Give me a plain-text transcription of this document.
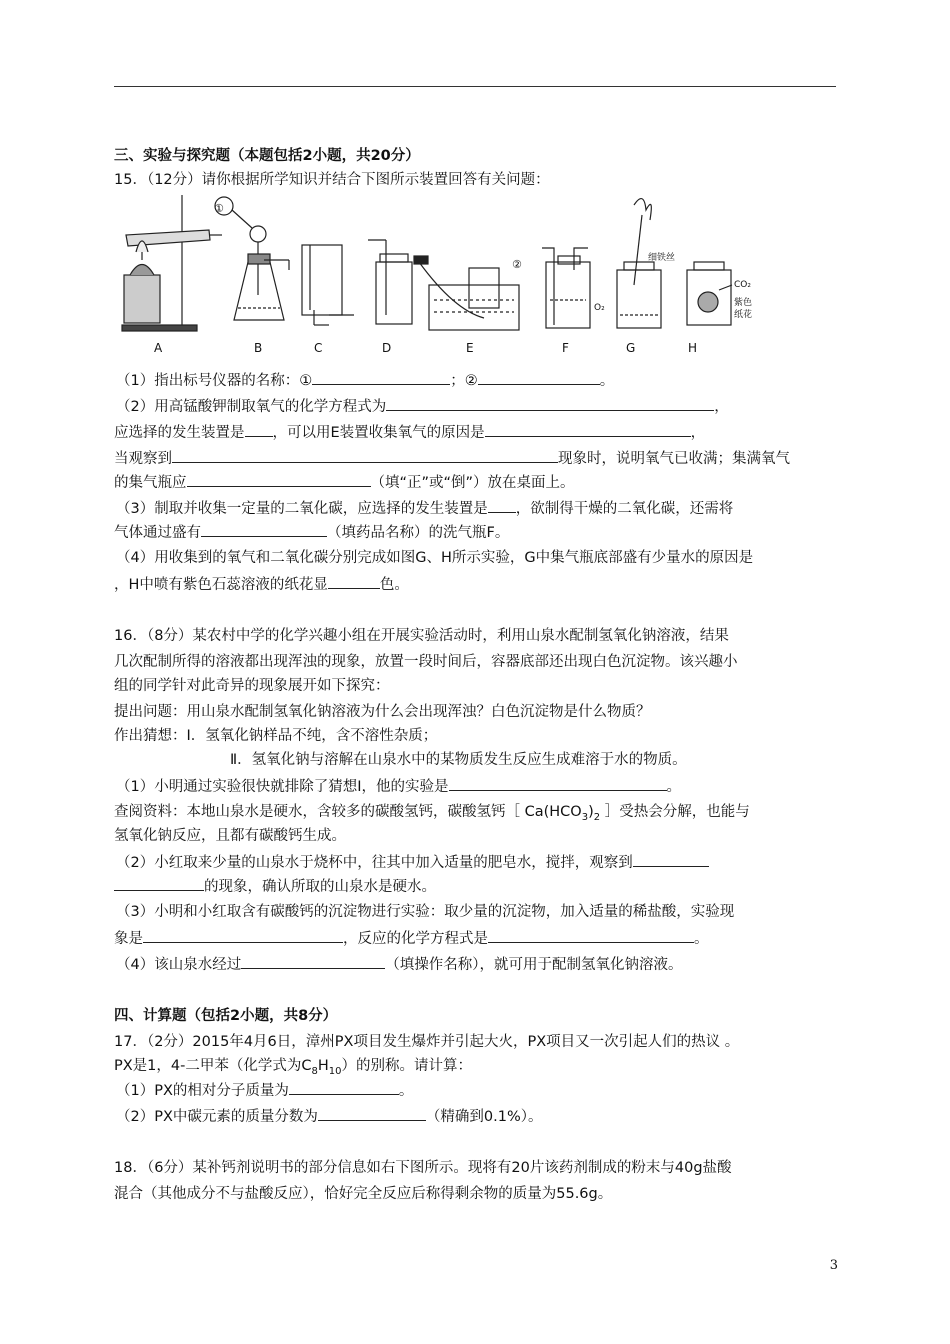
三、实验与探究题（本题包括2小题，共20分）
15．（12分）请你根据所学知识并结合下图所示装置回答有关问题：
A	B	C	D	E	F	G	H
①
②	细铁丝
O₂
CO₂
紫色
纸花
（1）指出标号仪器的名称：①	；②	。
（2）用高锰酸钾制取氧气的化学方程式为	，
应选择的发生装置是 ，可以用E装置收集氧气的原因是	，
当观察到	现象时，说明氧气已收满；集满氧气
的集气瓶应	（填“正”或“倒”）放在桌面上。
（3）制取并收集一定量的二氧化碳，应选择的发生装置是 ，欲制得干燥的二氧化碳，还需将
气体通过盛有	（填药品名称）的洗气瓶F。
（4）用收集到的氧气和二氧化碳分别完成如图G、H所示实验，G中集气瓶底部盛有少量水的原因是
，H中喷有紫色石蕊溶液的纸花显	色。
16．（8分）某农村中学的化学兴趣小组在开展实验活动时，利用山泉水配制氢氧化钠溶液，结果
几次配制所得的溶液都出现浑浊的现象，放置一段时间后，容器底部还出现白色沉淀物。该兴趣小
组的同学针对此奇异的现象展开如下探究：
提出问题：用山泉水配制氢氧化钠溶液为什么会出现浑浊？白色沉淀物是什么物质？
作出猜想：Ⅰ．氢氧化钠样品不纯，含不溶性杂质；
Ⅱ．氢氧化钠与溶解在山泉水中的某物质发生反应生成难溶于水的物质。
（1）小明通过实验很快就排除了猜想Ⅰ，他的实验是	。
查阅资料：本地山泉水是硬水，含较多的碳酸氢钙，碳酸氢钙［ $Ca(HCO_3)_2$ ］受热会分解，也能与
氢氧化钠反应，且都有碳酸钙生成。
（2）小红取来少量的山泉水于烧杯中，往其中加入适量的肥皂水，搅拌，观察到
的现象，确认所取的山泉水是硬水。
（3）小明和小红取含有碳酸钙的沉淀物进行实验：取少量的沉淀物，加入适量的稀盐酸，实验现
象是	，反应的化学方程式是	。
（4）该山泉水经过	（填操作名称），就可用于配制氢氧化钠溶液。
四、计算题（包括2小题，共8分）
17．（2分）2015年4月6日，漳州PX项目发生爆炸并引起大火，PX项目又一次引起人们的热议 。
PX是1，4-二甲苯（化学式为$C_8H_{10}$）的别称。请计算：
（1）PX的相对分子质量为	。
（2）PX中碳元素的质量分数为	（精确到0.1%）。
18．（6分）某补钙剂说明书的部分信息如右下图所示。现将有20片该药剂制成的粉末与40g盐酸
混合（其他成分不与盐酸反应），恰好完全反应后称得剩余物的质量为55.6g。
3
